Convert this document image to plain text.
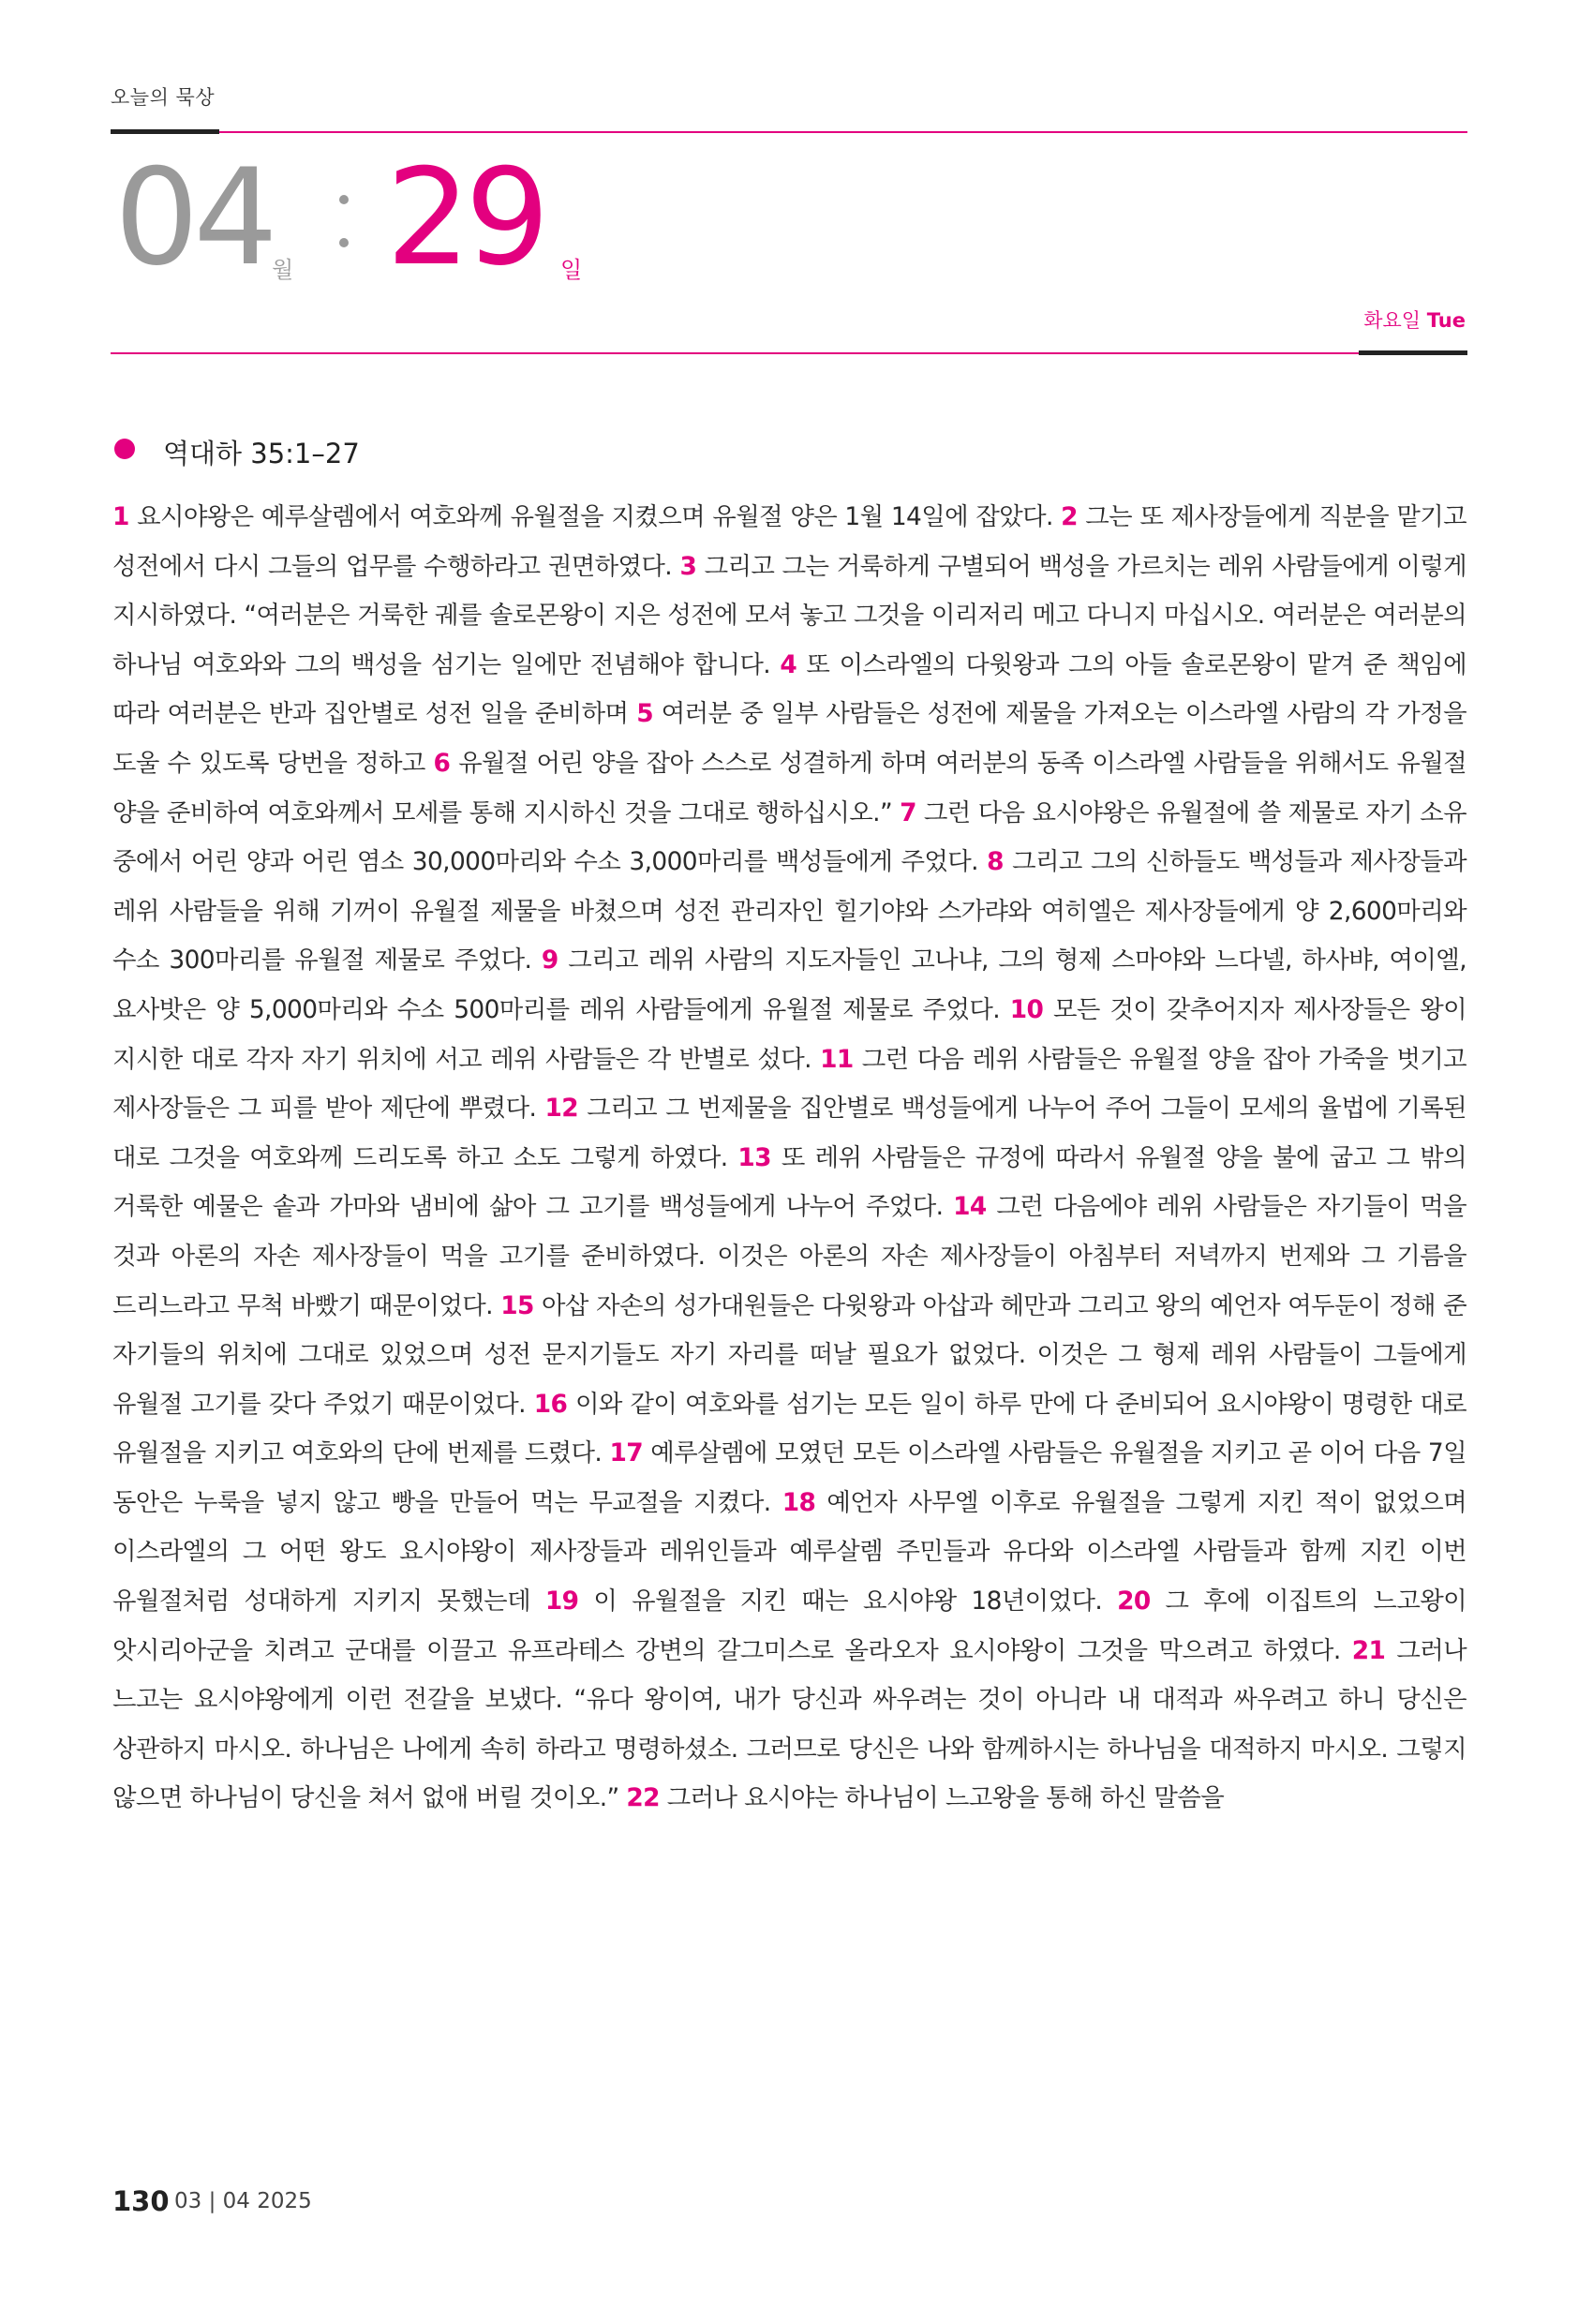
오늘의 묵상
04 월 29 일
화요일 Tue
역대하 35:1–27
1 요시야왕은 예루살렘에서 여호와께 유월절을 지켰으며 유월절 양은 1월 14일에 잡았다. 2 그는 또 제사장들에게 직분을 맡기고 성전에서 다시 그들의 업무를 수행하라고 권면하였다. 3 그리고 그는 거룩하게 구별되어 백성을 가르치는 레위 사람들에게 이렇게 지시하였다. “여러분은 거룩한 궤를 솔로몬왕이 지은 성전에 모셔 놓고 그것을 이리저리 메고 다니지 마십시오. 여러분은 여러분의 하나님 여호와와 그의 백성을 섬기는 일에만 전념해야 합니다. 4 또 이스라엘의 다윗왕과 그의 아들 솔로몬왕이 맡겨 준 책임에 따라 여러분은 반과 집안별로 성전 일을 준비하며 5 여러분 중 일부 사람들은 성전에 제물을 가져오는 이스라엘 사람의 각 가정을 도울 수 있도록 당번을 정하고 6 유월절 어린 양을 잡아 스스로 성결하게 하며 여러분의 동족 이스라엘 사람들을 위해서도 유월절 양을 준비하여 여호와께서 모세를 통해 지시하신 것을 그대로 행하십시오.” 7 그런 다음 요시야왕은 유월절에 쓸 제물로 자기 소유 중에서 어린 양과 어린 염소 30,000마리와 수소 3,000마리를 백성들에게 주었다. 8 그리고 그의 신하들도 백성들과 제사장들과 레위 사람들을 위해 기꺼이 유월절 제물을 바쳤으며 성전 관리자인 힐기야와 스가랴와 여히엘은 제사장들에게 양 2,600마리와 수소 300마리를 유월절 제물로 주었다. 9 그리고 레위 사람의 지도자들인 고나냐, 그의 형제 스마야와 느다넬, 하사뱌, 여이엘, 요사밧은 양 5,000마리와 수소 500마리를 레위 사람들에게 유월절 제물로 주었다. 10 모든 것이 갖추어지자 제사장들은 왕이 지시한 대로 각자 자기 위치에 서고 레위 사람들은 각 반별로 섰다. 11 그런 다음 레위 사람들은 유월절 양을 잡아 가죽을 벗기고 제사장들은 그 피를 받아 제단에 뿌렸다. 12 그리고 그 번제물을 집안별로 백성들에게 나누어 주어 그들이 모세의 율법에 기록된 대로 그것을 여호와께 드리도록 하고 소도 그렇게 하였다. 13 또 레위 사람들은 규정에 따라서 유월절 양을 불에 굽고 그 밖의 거룩한 예물은 솥과 가마와 냄비에 삶아 그 고기를 백성들에게 나누어 주었다. 14 그런 다음에야 레위 사람들은 자기들이 먹을 것과 아론의 자손 제사장들이 먹을 고기를 준비하였다. 이것은 아론의 자손 제사장들이 아침부터 저녁까지 번제와 그 기름을 드리느라고 무척 바빴기 때문이었다. 15 아삽 자손의 성가대원들은 다윗왕과 아삽과 헤만과 그리고 왕의 예언자 여두둔이 정해 준 자기들의 위치에 그대로 있었으며 성전 문지기들도 자기 자리를 떠날 필요가 없었다. 이것은 그 형제 레위 사람들이 그들에게 유월절 고기를 갖다 주었기 때문이었다. 16 이와 같이 여호와를 섬기는 모든 일이 하루 만에 다 준비되어 요시야왕이 명령한 대로 유월절을 지키고 여호와의 단에 번제를 드렸다. 17 예루살렘에 모였던 모든 이스라엘 사람들은 유월절을 지키고 곧 이어 다음 7일 동안은 누룩을 넣지 않고 빵을 만들어 먹는 무교절을 지켰다. 18 예언자 사무엘 이후로 유월절을 그렇게 지킨 적이 없었으며 이스라엘의 그 어떤 왕도 요시야왕이 제사장들과 레위인들과 예루살렘 주민들과 유다와 이스라엘 사람들과 함께 지킨 이번 유월절처럼 성대하게 지키지 못했는데 19 이 유월절을 지킨 때는 요시야왕 18년이었다. 20 그 후에 이집트의 느고왕이 앗시리아군을 치려고 군대를 이끌고 유프라테스 강변의 갈그미스로 올라오자 요시야왕이 그것을 막으려고 하였다. 21 그러나 느고는 요시야왕에게 이런 전갈을 보냈다. “유다 왕이여, 내가 당신과 싸우려는 것이 아니라 내 대적과 싸우려고 하니 당신은 상관하지 마시오. 하나님은 나에게 속히 하라고 명령하셨소. 그러므로 당신은 나와 함께하시는 하나님을 대적하지 마시오. 그렇지 않으면 하나님이 당신을 쳐서 없애 버릴 것이오.” 22 그러나 요시야는 하나님이 느고왕을 통해 하신 말씀을
130 03 | 04 2025
